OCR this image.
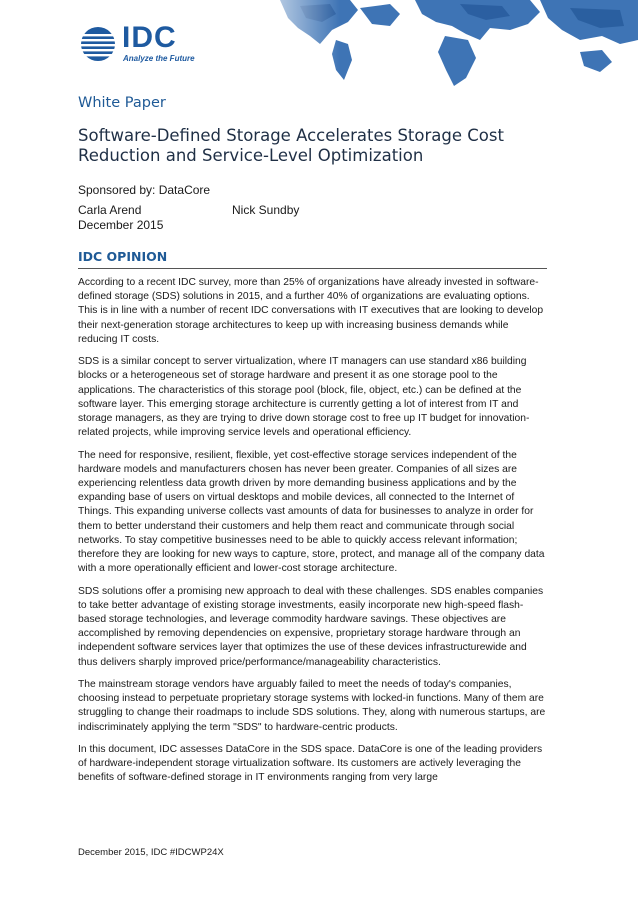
IDC
Analyze the Future
White Paper
Software-Defined Storage Accelerates Storage Cost Reduction and Service-Level Optimization
Sponsored by: DataCore
Carla Arend	Nick Sundby
December 2015
IDC OPINION

According to a recent IDC survey, more than 25% of organizations have already invested in software-defined storage (SDS) solutions in 2015, and a further 40% of organizations are evaluating options. This is in line with a number of recent IDC conversations with IT executives that are looking to develop their next-generation storage architectures to keep up with increasing business demands while reducing IT costs.

SDS is a similar concept to server virtualization, where IT managers can use standard x86 building blocks or a heterogeneous set of storage hardware and present it as one storage pool to the applications. The characteristics of this storage pool (block, file, object, etc.) can be defined at the software layer. This emerging storage architecture is currently getting a lot of interest from IT and storage managers, as they are trying to drive down storage cost to free up IT budget for innovation-related projects, while improving service levels and operational efficiency.

The need for responsive, resilient, flexible, yet cost-effective storage services independent of the hardware models and manufacturers chosen has never been greater. Companies of all sizes are experiencing relentless data growth driven by more demanding business applications and by the expanding base of users on virtual desktops and mobile devices, all connected to the Internet of Things. This expanding universe collects vast amounts of data for businesses to analyze in order for them to better understand their customers and help them react and communicate through social networks. To stay competitive businesses need to be able to quickly access relevant information; therefore they are looking for new ways to capture, store, protect, and manage all of the company data with a more operationally efficient and lower-cost storage architecture.

SDS solutions offer a promising new approach to deal with these challenges. SDS enables companies to take better advantage of existing storage investments, easily incorporate new high-speed flash-based storage technologies, and leverage commodity hardware savings. These objectives are accomplished by removing dependencies on expensive, proprietary storage hardware through an independent software services layer that optimizes the use of these devices infrastructurewide and thus delivers sharply improved price/performance/manageability characteristics.

The mainstream storage vendors have arguably failed to meet the needs of today's companies, choosing instead to perpetuate proprietary storage systems with locked-in functions. Many of them are struggling to change their roadmaps to include SDS solutions. They, along with numerous startups, are indiscriminately applying the term "SDS" to hardware-centric products.

In this document, IDC assesses DataCore in the SDS space. DataCore is one of the leading providers of hardware-independent storage virtualization software. Its customers are actively leveraging the benefits of software-defined storage in IT environments ranging from very large

December 2015, IDC #IDCWP24X
